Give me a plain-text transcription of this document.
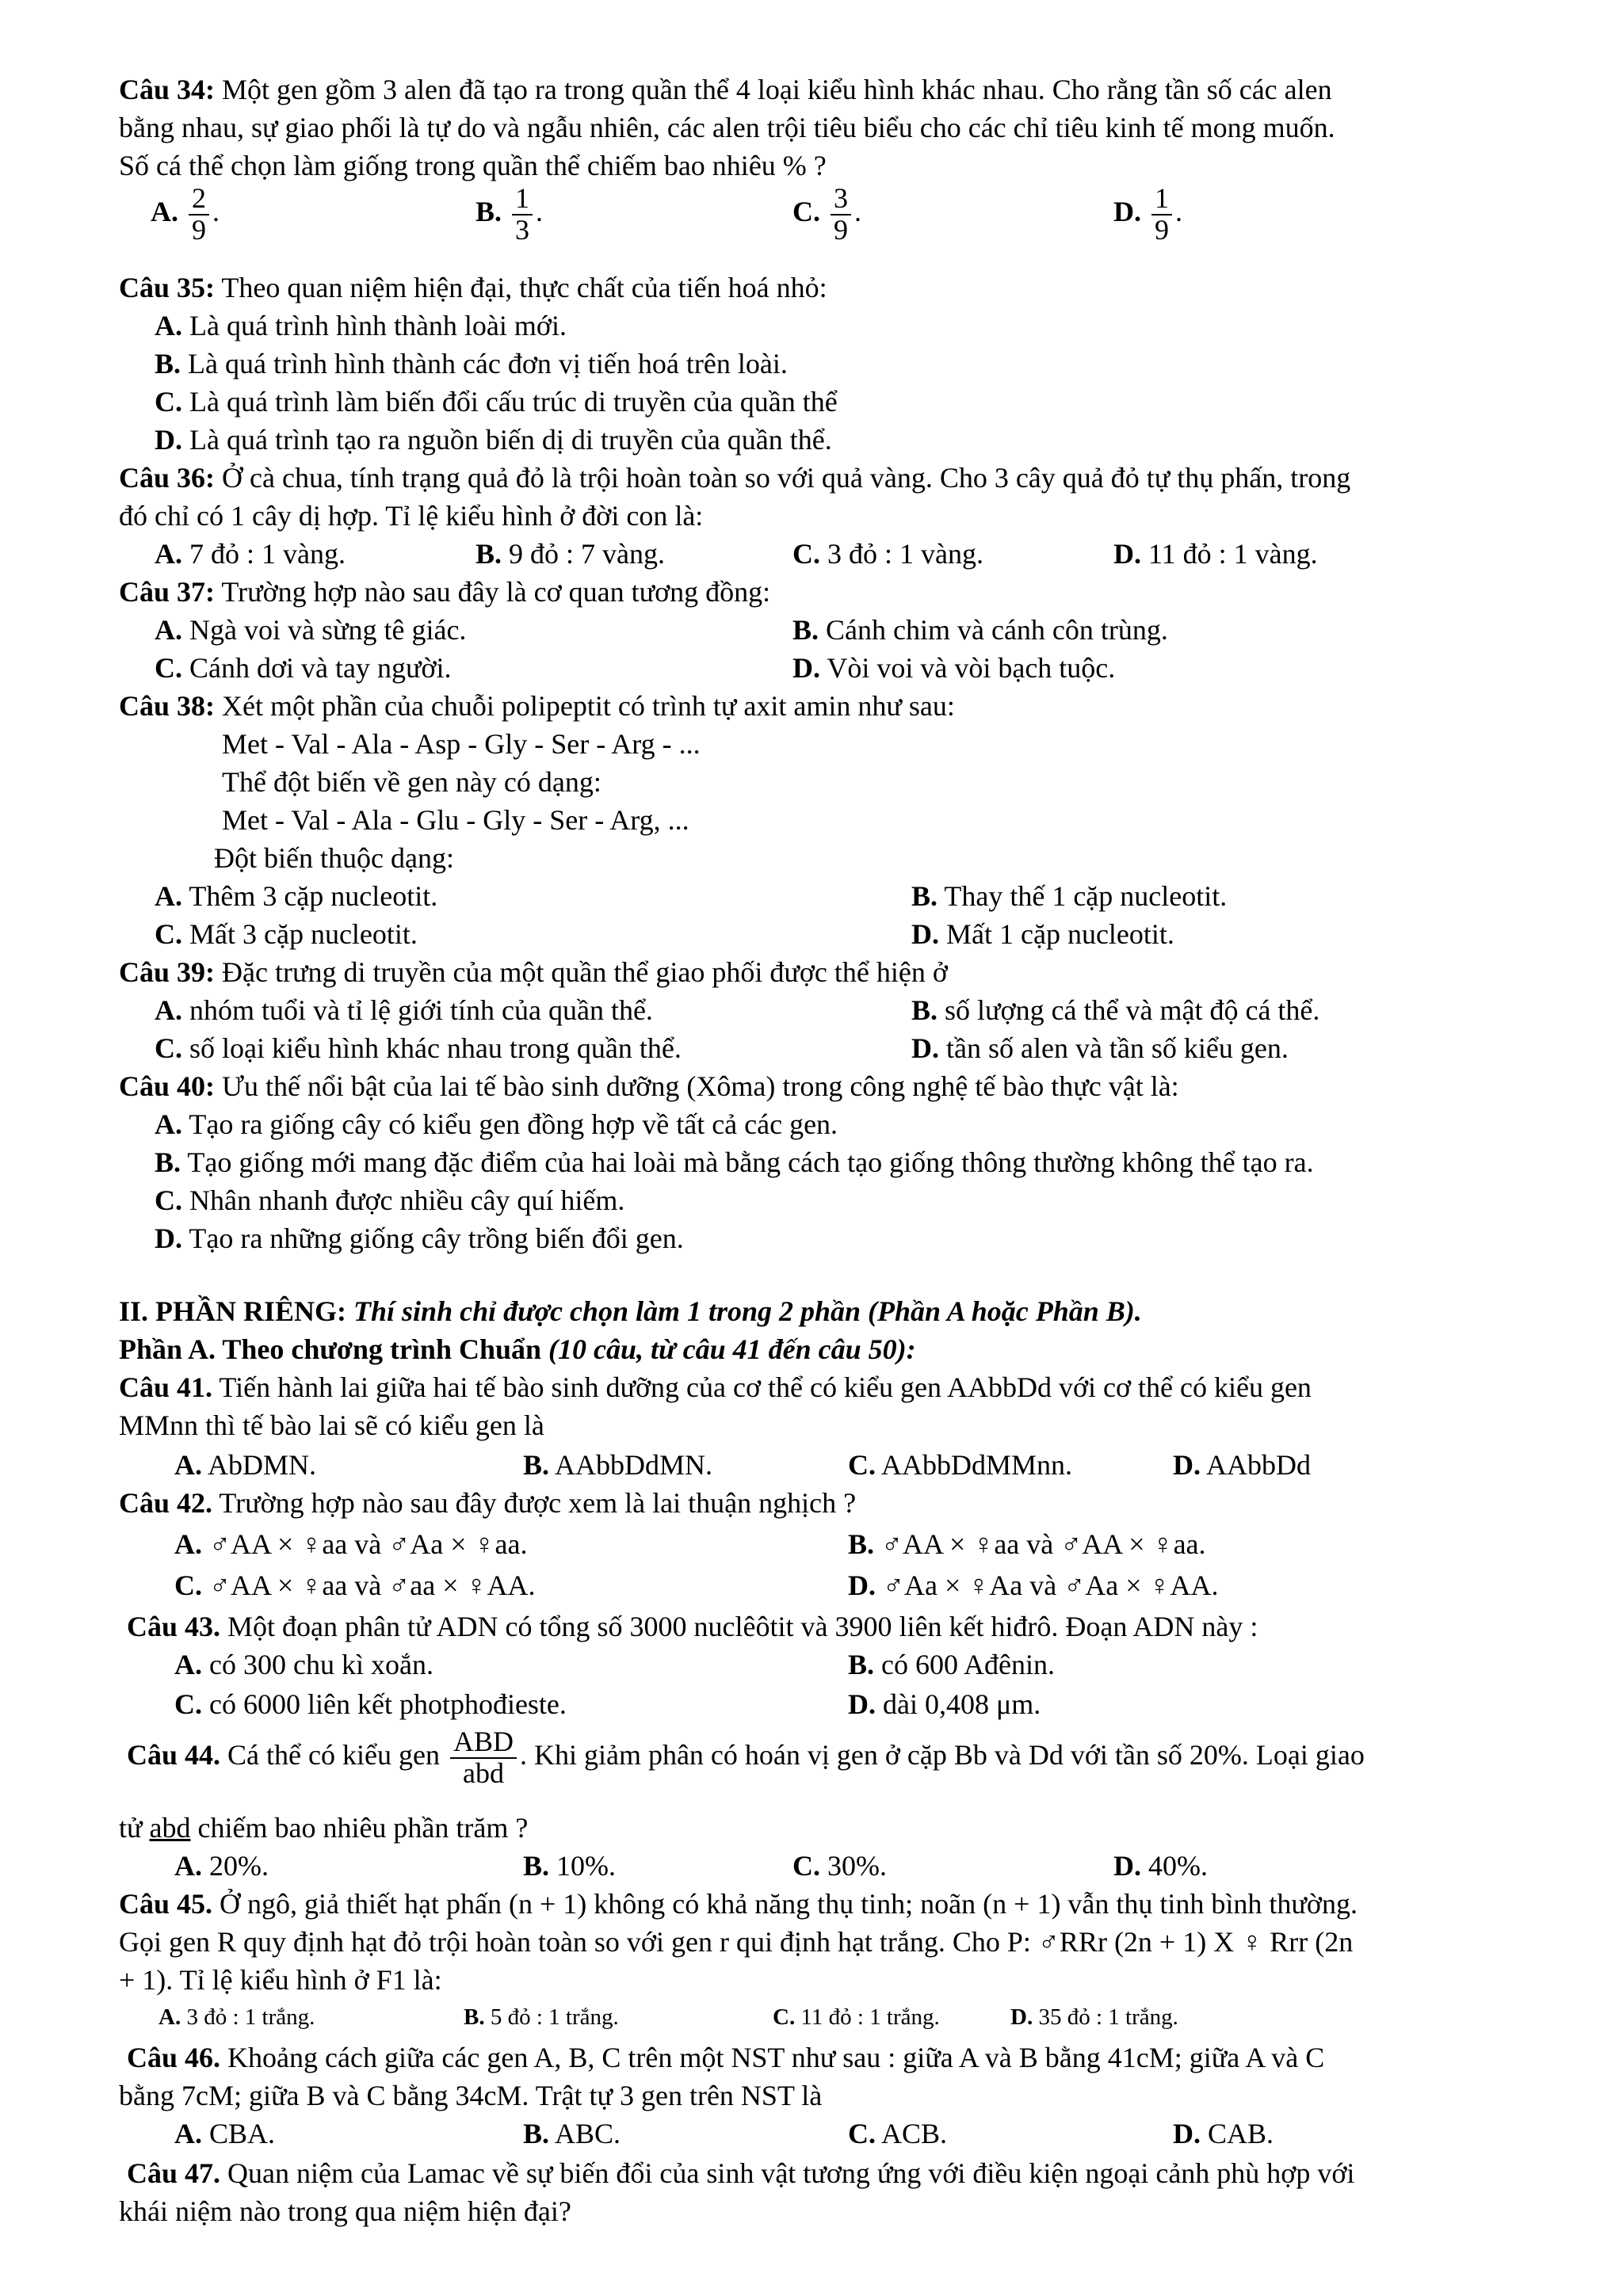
Câu 34: Một gen gồm 3 alen đã tạo ra trong quần thể 4 loại kiểu hình khác nhau. Cho rằng tần số các alen
bằng nhau, sự giao phối là tự do và ngẫu nhiên, các alen trội tiêu biểu cho các chỉ tiêu kinh tế mong muốn.
Số cá thể chọn làm giống trong quần thể chiếm bao nhiêu % ?
A. $\frac{2}{9}$ .	B. $\frac{1}{3}$ .	C. $\frac{3}{9}$ .	D. $\frac{1}{9}$ .
Câu 35: Theo quan niệm hiện đại, thực chất của tiến hoá nhỏ:
A. Là quá trình hình thành loài mới.
B. Là quá trình hình thành các đơn vị tiến hoá trên loài.
C. Là quá trình làm biến đổi cấu trúc di truyền của quần thể
D. Là quá trình tạo ra nguồn biến dị di truyền của quần thể.
Câu 36: Ở cà chua, tính trạng quả đỏ là trội hoàn toàn so với quả vàng. Cho 3 cây quả đỏ tự thụ phấn, trong
đó chỉ có 1 cây dị hợp. Tỉ lệ kiểu hình ở đời con là:
A. 7 đỏ : 1 vàng.	B. 9 đỏ : 7 vàng.	C. 3 đỏ : 1 vàng.	D. 11 đỏ : 1 vàng.
Câu 37: Trường hợp nào sau đây là cơ quan tương đồng:
A. Ngà voi và sừng tê giác.	B. Cánh chim và cánh côn trùng.
C. Cánh dơi và tay người.	D. Vòi voi và vòi bạch tuộc.
Câu 38: Xét một phần của chuỗi polipeptit có trình tự axit amin như sau:
Met - Val - Ala - Asp - Gly - Ser - Arg - ...
Thể đột biến về gen này có dạng:
Met - Val - Ala - Glu - Gly - Ser - Arg, ...
Đột biến thuộc dạng:
A. Thêm 3 cặp nucleotit.	B. Thay thế 1 cặp nucleotit.
C. Mất 3 cặp nucleotit.	D. Mất 1 cặp nucleotit.
Câu 39: Đặc trưng di truyền của một quần thể giao phối được thể hiện ở
A. nhóm tuổi và tỉ lệ giới tính của quần thể.	B. số lượng cá thể và mật độ cá thể.
C. số loại kiểu hình khác nhau trong quần thể.	D. tần số alen và tần số kiểu gen.
Câu 40: Ưu thế nổi bật của lai tế bào sinh dưỡng (Xôma) trong công nghệ tế bào thực vật là:
A. Tạo ra giống cây có kiểu gen đồng hợp về tất cả các gen.
B. Tạo giống mới mang đặc điểm của hai loài mà bằng cách tạo giống thông thường không thể tạo ra.
C. Nhân nhanh được nhiều cây quí hiếm.
D. Tạo ra những giống cây trồng biến đổi gen.
II. PHẦN RIÊNG: Thí sinh chỉ được chọn làm 1 trong 2 phần (Phần A hoặc Phần B).
Phần A. Theo chương trình Chuẩn (10 câu, từ câu 41 đến câu 50):
Câu 41. Tiến hành lai giữa hai tế bào sinh dưỡng của cơ thể có kiểu gen AAbbDd với cơ thể có kiểu gen
MMnn thì tế bào lai sẽ có kiểu gen là
A. AbDMN.	B. AAbbDdMN.	C. AAbbDdMMnn.	D. AAbbDd
Câu 42. Trường hợp nào sau đây được xem là lai thuận nghịch ?
A. ♂AA × ♀aa và ♂Aa × ♀aa.	B. ♂AA × ♀aa và ♂AA × ♀aa.
C. ♂AA × ♀aa và ♂aa × ♀AA.	D. ♂Aa × ♀Aa và ♂Aa × ♀AA.
Câu 43. Một đoạn phân tử ADN có tổng số 3000 nuclêôtit và 3900 liên kết hiđrô. Đoạn ADN này :
A. có 300 chu kì xoắn.	B. có 600 Ađênin.
C. có 6000 liên kết photphođieste.	D. dài 0,408 μm.
Câu 44. Cá thể có kiểu gen $\frac{\text{ABD}}{\text{abd}}$ . Khi giảm phân có hoán vị gen ở cặp Bb và Dd với tần số 20%. Loại giao
tử abd chiếm bao nhiêu phần trăm ?
A. 20%.	B. 10%.	C. 30%.	D. 40%.
Câu 45. Ở ngô, giả thiết hạt phấn (n + 1) không có khả năng thụ tinh; noãn (n + 1) vẫn thụ tinh bình thường.
Gọi gen R quy định hạt đỏ trội hoàn toàn so với gen r qui định hạt trắng. Cho P: ♂RRr (2n + 1) X ♀ Rrr (2n
+ 1). Tỉ lệ kiểu hình ở F1 là:
A. 3 đỏ : 1 trắng.	B. 5 đỏ : 1 trắng.	C. 11 đỏ : 1 trắng.	D. 35 đỏ : 1 trắng.
Câu 46. Khoảng cách giữa các gen A, B, C trên một NST như sau : giữa A và B bằng 41cM; giữa A và C
bằng 7cM; giữa B và C bằng 34cM. Trật tự 3 gen trên NST là
A. CBA.	B. ABC.	C. ACB.	D. CAB.
Câu 47. Quan niệm của Lamac về sự biến đổi của sinh vật tương ứng với điều kiện ngoại cảnh phù hợp với
khái niệm nào trong qua niệm hiện đại?
